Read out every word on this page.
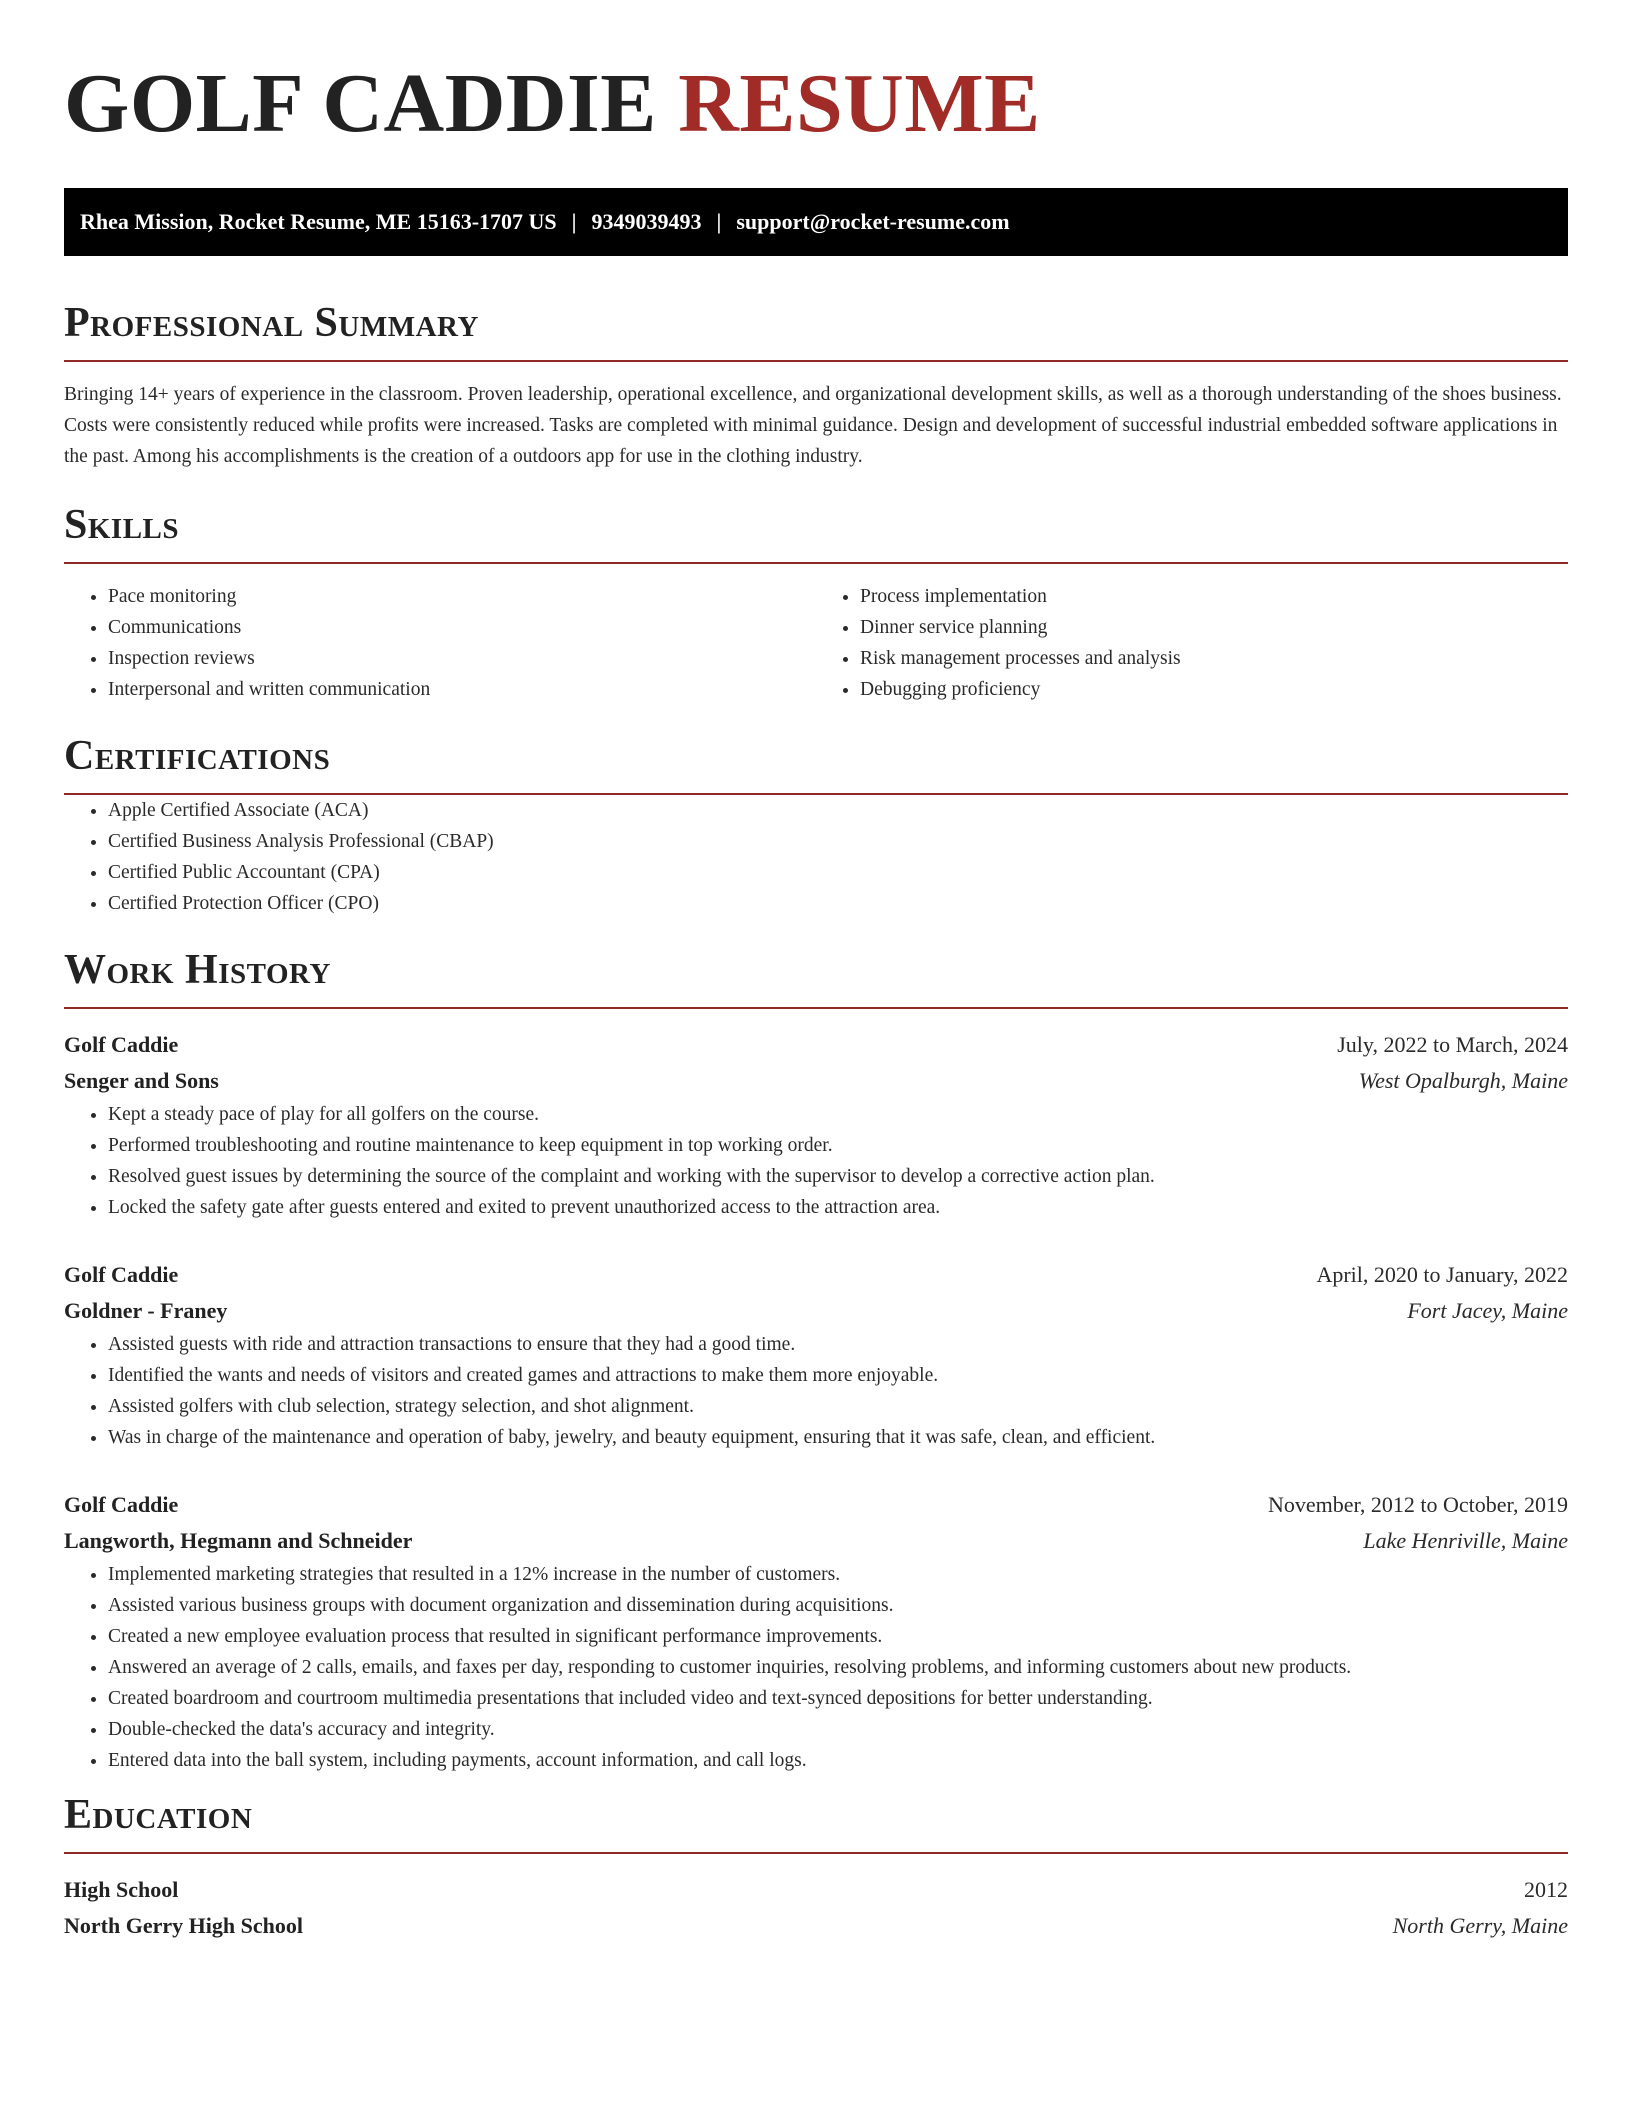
GOLF CADDIE RESUME
Rhea Mission, Rocket Resume, ME 15163-1707 US | 9349039493 | support@rocket-resume.com
Professional Summary

Bringing 14+ years of experience in the classroom. Proven leadership, operational excellence, and organizational development skills, as well as a thorough understanding of the shoes business. Costs were consistently reduced while profits were increased. Tasks are completed with minimal guidance. Design and development of successful industrial embedded software applications in the past. Among his accomplishments is the creation of a outdoors app for use in the clothing industry.

Skills
• Pace monitoring
• Communications
• Inspection reviews
• Interpersonal and written communication
• Process implementation
• Dinner service planning
• Risk management processes and analysis
• Debugging proficiency
Certifications
• Apple Certified Associate (ACA)
• Certified Business Analysis Professional (CBAP)
• Certified Public Accountant (CPA)
• Certified Protection Officer (CPO)
Work History
Golf Caddie	July, 2022 to March, 2024
Senger and Sons	West Opalburgh, Maine
• Kept a steady pace of play for all golfers on the course.
• Performed troubleshooting and routine maintenance to keep equipment in top working order.
• Resolved guest issues by determining the source of the complaint and working with the supervisor to develop a corrective action plan.
• Locked the safety gate after guests entered and exited to prevent unauthorized access to the attraction area.
Golf Caddie	April, 2020 to January, 2022
Goldner - Franey	Fort Jacey, Maine
• Assisted guests with ride and attraction transactions to ensure that they had a good time.
• Identified the wants and needs of visitors and created games and attractions to make them more enjoyable.
• Assisted golfers with club selection, strategy selection, and shot alignment.
• Was in charge of the maintenance and operation of baby, jewelry, and beauty equipment, ensuring that it was safe, clean, and efficient.
Golf Caddie	November, 2012 to October, 2019
Langworth, Hegmann and Schneider	Lake Henriville, Maine
• Implemented marketing strategies that resulted in a 12% increase in the number of customers.
• Assisted various business groups with document organization and dissemination during acquisitions.
• Created a new employee evaluation process that resulted in significant performance improvements.
• Answered an average of 2 calls, emails, and faxes per day, responding to customer inquiries, resolving problems, and informing customers about new products.
• Created boardroom and courtroom multimedia presentations that included video and text-synced depositions for better understanding.
• Double-checked the data's accuracy and integrity.
• Entered data into the ball system, including payments, account information, and call logs.
Education
High School	2012
North Gerry High School	North Gerry, Maine
